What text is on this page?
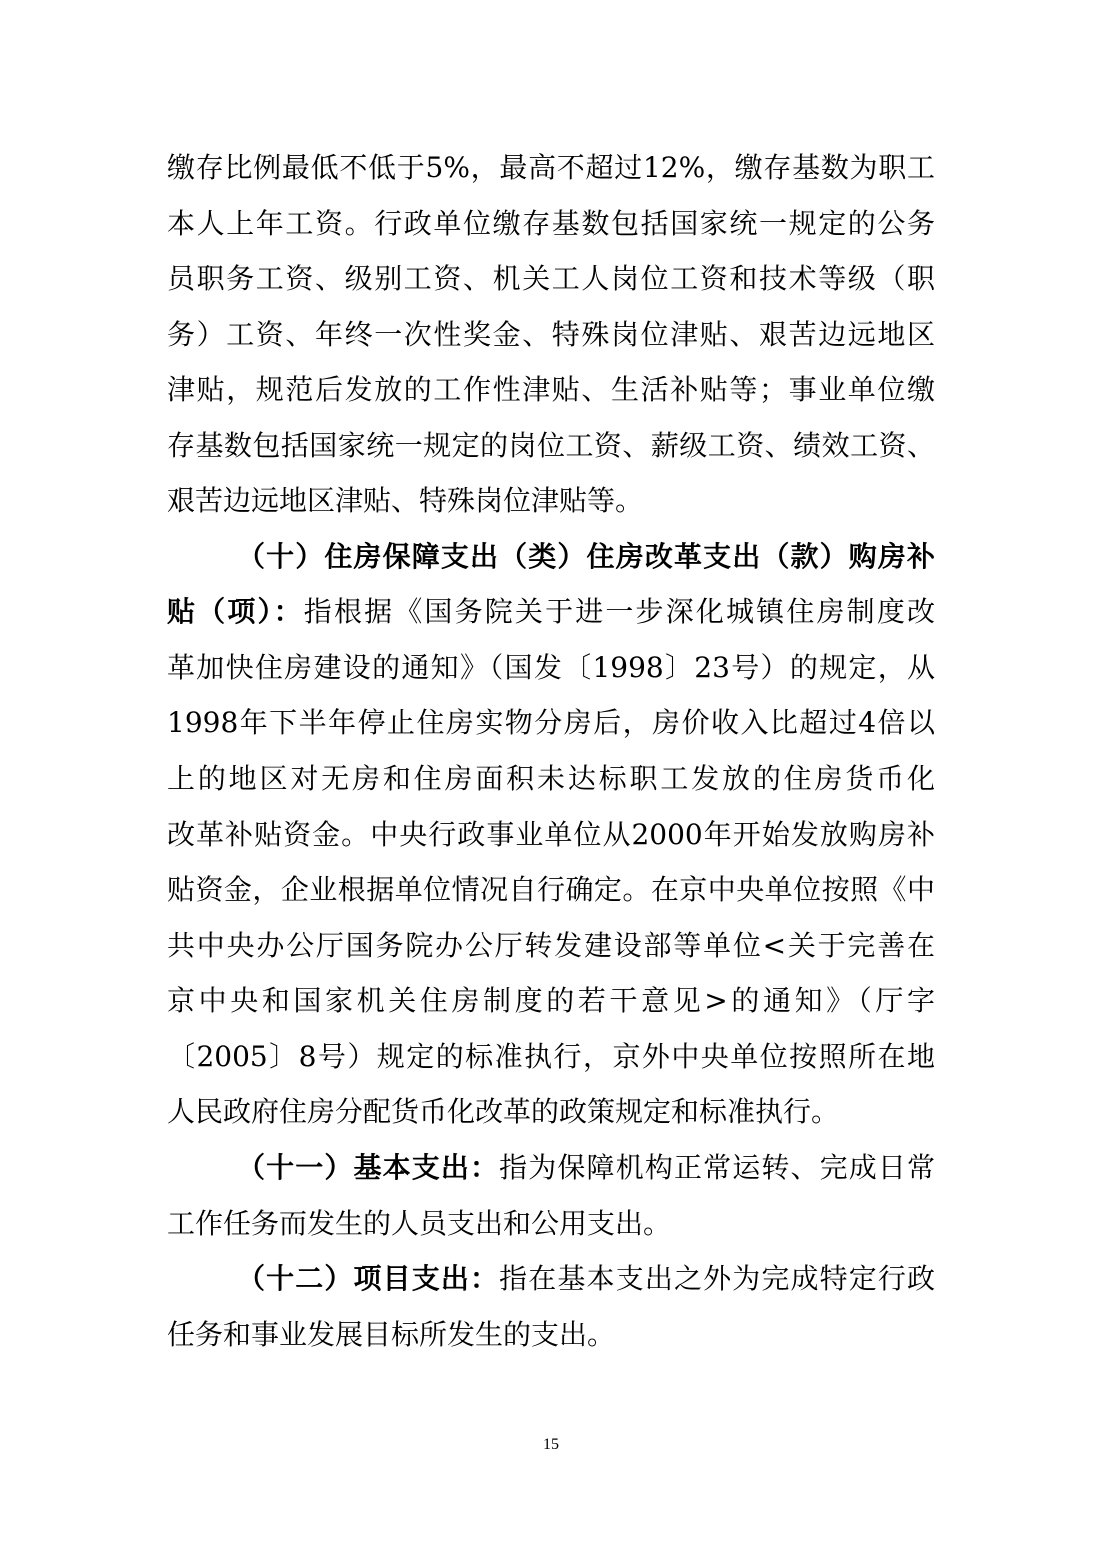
缴存比例最低不低于5%，最高不超过12%，缴存基数为职工
本人上年工资。行政单位缴存基数包括国家统一规定的公务
员职务工资、级别工资、机关工人岗位工资和技术等级（职
务）工资、年终一次性奖金、特殊岗位津贴、艰苦边远地区
津贴，规范后发放的工作性津贴、生活补贴等；事业单位缴
存基数包括国家统一规定的岗位工资、薪级工资、绩效工资、
艰苦边远地区津贴、特殊岗位津贴等。
（十）住房保障支出（类）住房改革支出（款）购房补
贴（项）：指根据《国务院关于进一步深化城镇住房制度改
革加快住房建设的通知》（国发〔1998〕23号）的规定，从
1998年下半年停止住房实物分房后，房价收入比超过4倍以
上的地区对无房和住房面积未达标职工发放的住房货币化
改革补贴资金。中央行政事业单位从2000年开始发放购房补
贴资金，企业根据单位情况自行确定。在京中央单位按照《中
共中央办公厅国务院办公厅转发建设部等单位<关于完善在
京中央和国家机关住房制度的若干意见>的通知》（厅字
〔2005〕8号）规定的标准执行，京外中央单位按照所在地
人民政府住房分配货币化改革的政策规定和标准执行。
（十一）基本支出：指为保障机构正常运转、完成日常
工作任务而发生的人员支出和公用支出。
（十二）项目支出：指在基本支出之外为完成特定行政
任务和事业发展目标所发生的支出。
15
